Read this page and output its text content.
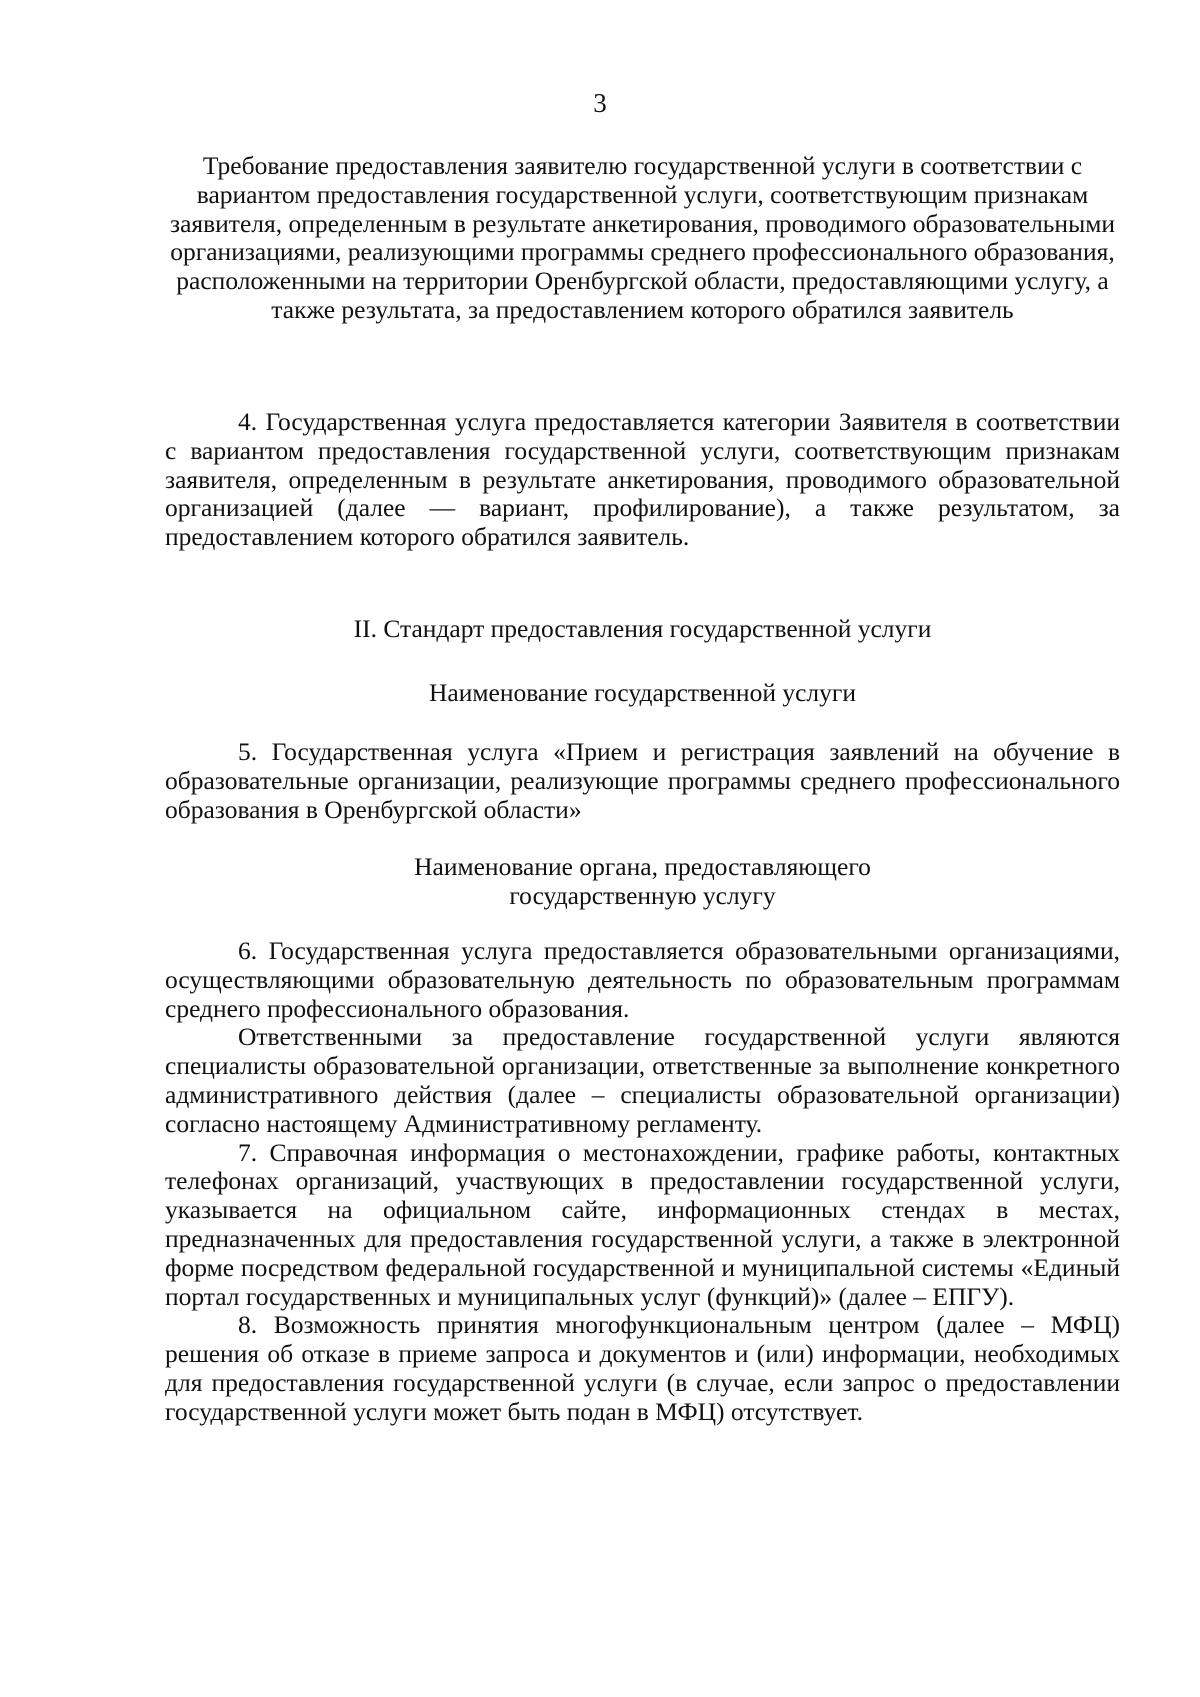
3

Требование предоставления заявителю государственной услуги в соответствии с вариантом предоставления государственной услуги, соответствующим признакам заявителя, определенным в результате анкетирования, проводимого образовательными организациями, реализующими программы среднего профессионального образования, расположенными на территории Оренбургской области, предоставляющими услугу, а также результата, за предоставлением которого обратился заявитель

4. Государственная услуга предоставляется категории Заявителя в соответствии с вариантом предоставления государственной услуги, соответствующим признакам заявителя, определенным в результате анкетирования, проводимого образовательной организацией (далее — вариант, профилирование), а также результатом, за предоставлением которого обратился заявитель.

II. Стандарт предоставления государственной услуги

Наименование государственной услуги

5. Государственная услуга «Прием и регистрация заявлений на обучение в образовательные организации, реализующие программы среднего профессионального образования в Оренбургской области»

Наименование органа, предоставляющего

государственную услугу

6. Государственная услуга предоставляется образовательными организациями, осуществляющими образовательную деятельность по образовательным программам среднего профессионального образования.

Ответственными за предоставление государственной услуги являются специалисты образовательной организации, ответственные за выполнение конкретного административного действия (далее – специалисты образовательной организации) согласно настоящему Административному регламенту.

7. Справочная информация о местонахождении, графике работы, контактных телефонах организаций, участвующих в предоставлении государственной услуги, указывается на официальном сайте, информационных стендах в местах, предназначенных для предоставления государственной услуги, а также в электронной форме посредством федеральной государственной и муниципальной системы «Единый портал государственных и муниципальных услуг (функций)» (далее – ЕПГУ).

8. Возможность принятия многофункциональным центром (далее – МФЦ) решения об отказе в приеме запроса и документов и (или) информации, необходимых для предоставления государственной услуги (в случае, если запрос о предоставлении государственной услуги может быть подан в МФЦ) отсутствует.
